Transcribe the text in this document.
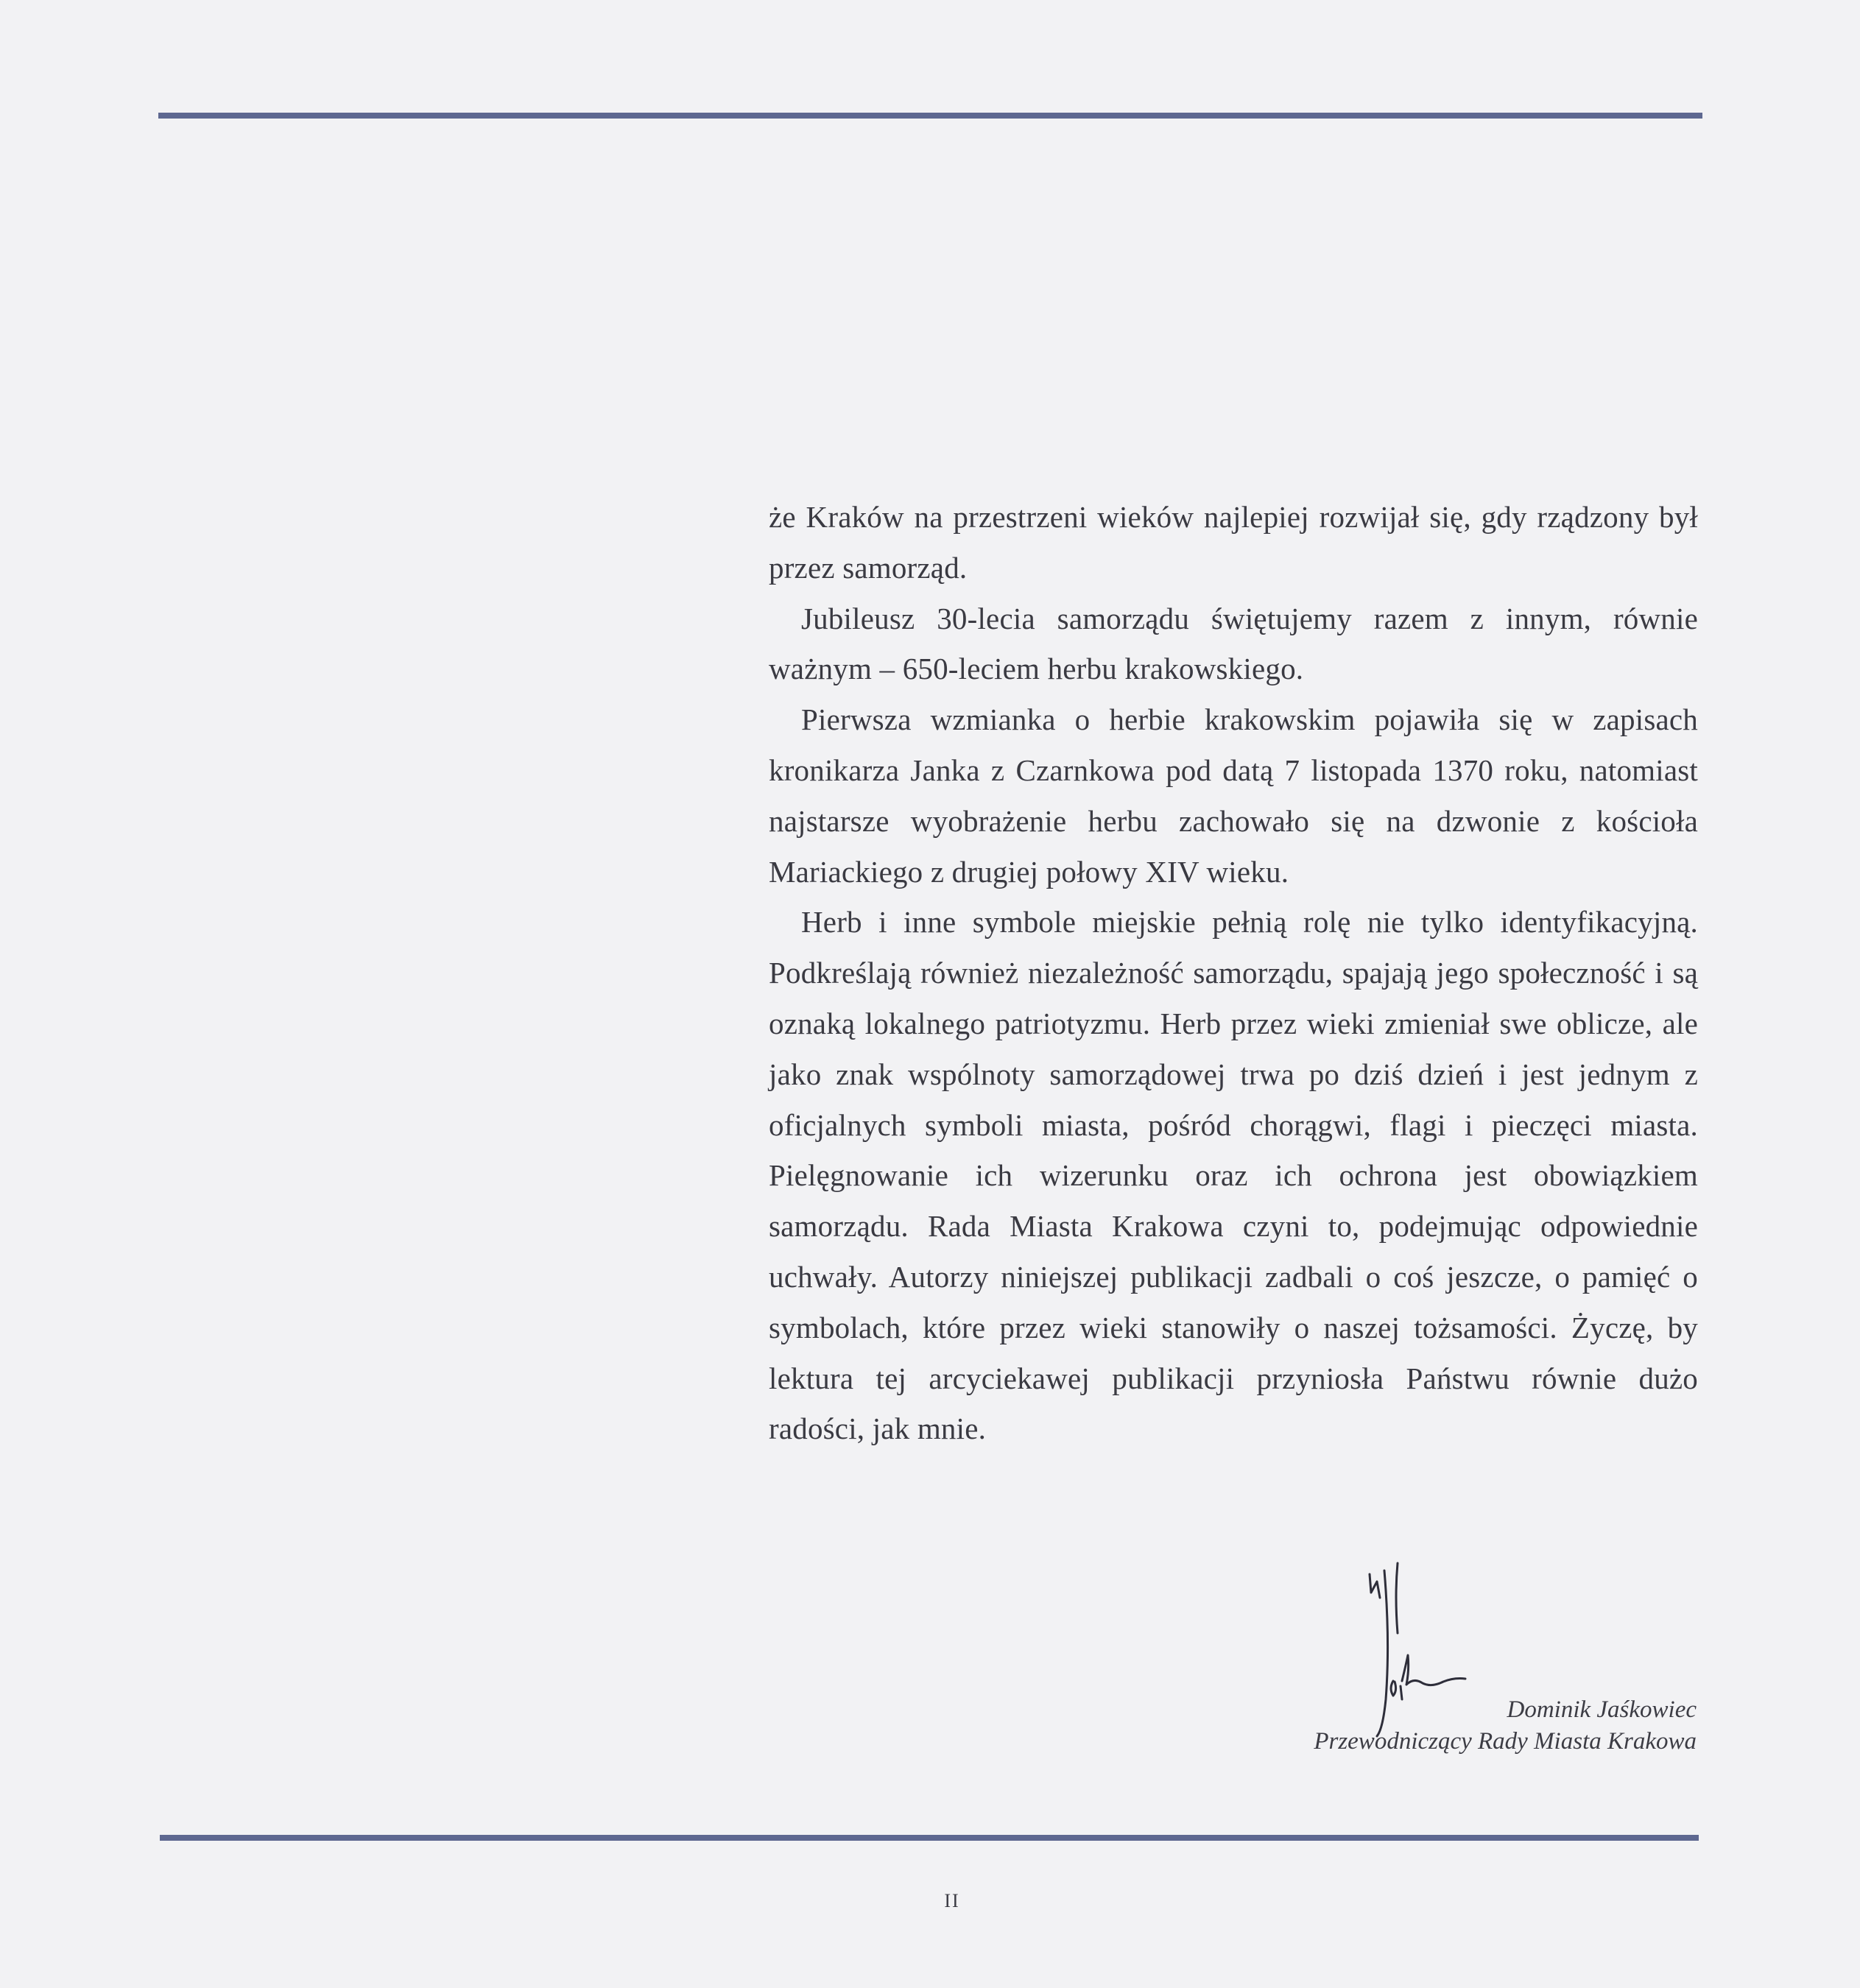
że Kraków na przestrzeni wieków najlepiej rozwijał się, gdy rządzony był przez samorząd.

Jubileusz 30-lecia samorządu świętujemy razem z innym, równie ważnym – 650-leciem herbu krakowskiego.

Pierwsza wzmianka o herbie krakowskim pojawiła się w zapisach kronikarza Janka z Czarnkowa pod datą 7 listopada 1370 roku, natomiast najstarsze wyobrażenie herbu zachowało się na dzwonie z kościoła Mariackiego z drugiej połowy XIV wieku.

Herb i inne symbole miejskie pełnią rolę nie tylko identyfikacyjną. Podkreślają również niezależność samorządu, spajają jego społeczność i są oznaką lokalnego patriotyzmu. Herb przez wieki zmieniał swe oblicze, ale jako znak wspólnoty samorządowej trwa po dziś dzień i jest jednym z oficjalnych symboli miasta, pośród chorągwi, flagi i pieczęci miasta. Pielęgnowanie ich wizerunku oraz ich ochrona jest obowiązkiem samorządu. Rada Miasta Krakowa czyni to, podejmując odpowiednie uchwały. Autorzy niniejszej publikacji zadbali o coś jeszcze, o pamięć o symbolach, które przez wieki stanowiły o naszej tożsamości. Życzę, by lektura tej arcyciekawej publikacji przyniosła Państwu równie dużo radości, jak mnie.

Dominik Jaśkowiec
Przewodniczący Rady Miasta Krakowa
II
